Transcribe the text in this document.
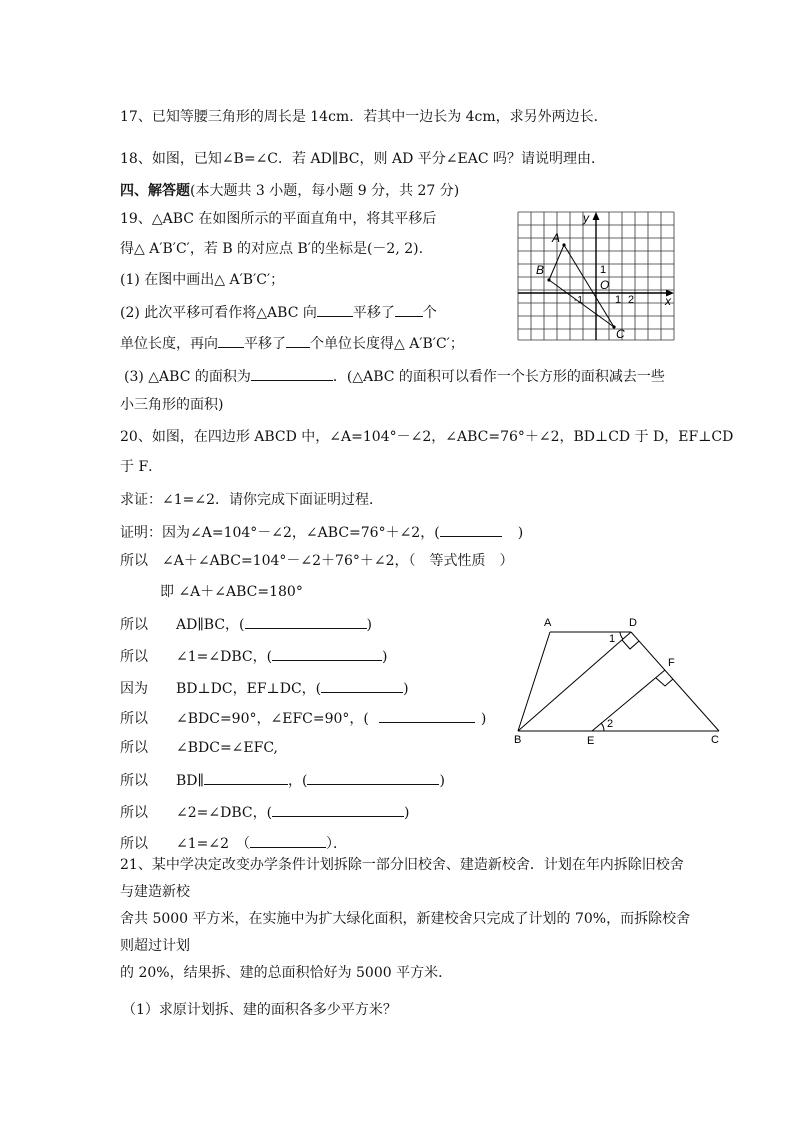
17、已知等腰三角形的周长是 14cm．若其中一边长为 4cm，求另外两边长．
18、如图，已知∠B=∠C．若 AD∥BC，则 AD 平分∠EAC 吗？请说明理由．
四、解答题(本大题共 3 小题，每小题 9 分，共 27 分)
19、△ABC 在如图所示的平面直角中，将其平移后
得△ A′B′C′，若 B 的对应点 B′的坐标是(－2, 2).
(1) 在图中画出△ A′B′C′；
(2) 此次平移可看作将△ABC 向	平移了 个
单位长度，再向 平移了 个单位长度得△ A′B′C′；
(3) △ABC 的面积为	．(△ABC 的面积可以看作一个长方形的面积减去一些
小三角形的面积)
y
x
A
B
C
O
1
-1	1 2
20、如图，在四边形 ABCD 中，∠A=104°－∠2，∠ABC=76°＋∠2，BD⊥CD 于 D，EF⊥CD
于 F．
求证：∠1=∠2．请你完成下面证明过程．
证明：因为∠A=104°－∠2，∠ABC=76°＋∠2，(	)
所以　∠A＋∠ABC=104°－∠2＋76°＋∠2，（　等式性质　）
即 ∠A＋∠ABC=180°
所以　　AD∥BC，(	)
所以　　∠1=∠DBC，(	)
因为　　BD⊥DC，EF⊥DC，(	)
所以　　∠BDC=90°，∠EFC=90°，(	)
所以　　∠BDC=∠EFC,
所以　　BD∥	，(	)
所以　　∠2=∠DBC，(	)
所以　　∠1=∠2　（	）．
A	D
F
B	E	C
1
2
21、某中学决定改变办学条件计划拆除一部分旧校舍、建造新校舍．计划在年内拆除旧校舍
与建造新校
舍共 5000 平方米，在实施中为扩大绿化面积，新建校舍只完成了计划的 70%，而拆除校舍
则超过计划
的 20%，结果拆、建的总面积恰好为 5000 平方米．
（1）求原计划拆、建的面积各多少平方米？
